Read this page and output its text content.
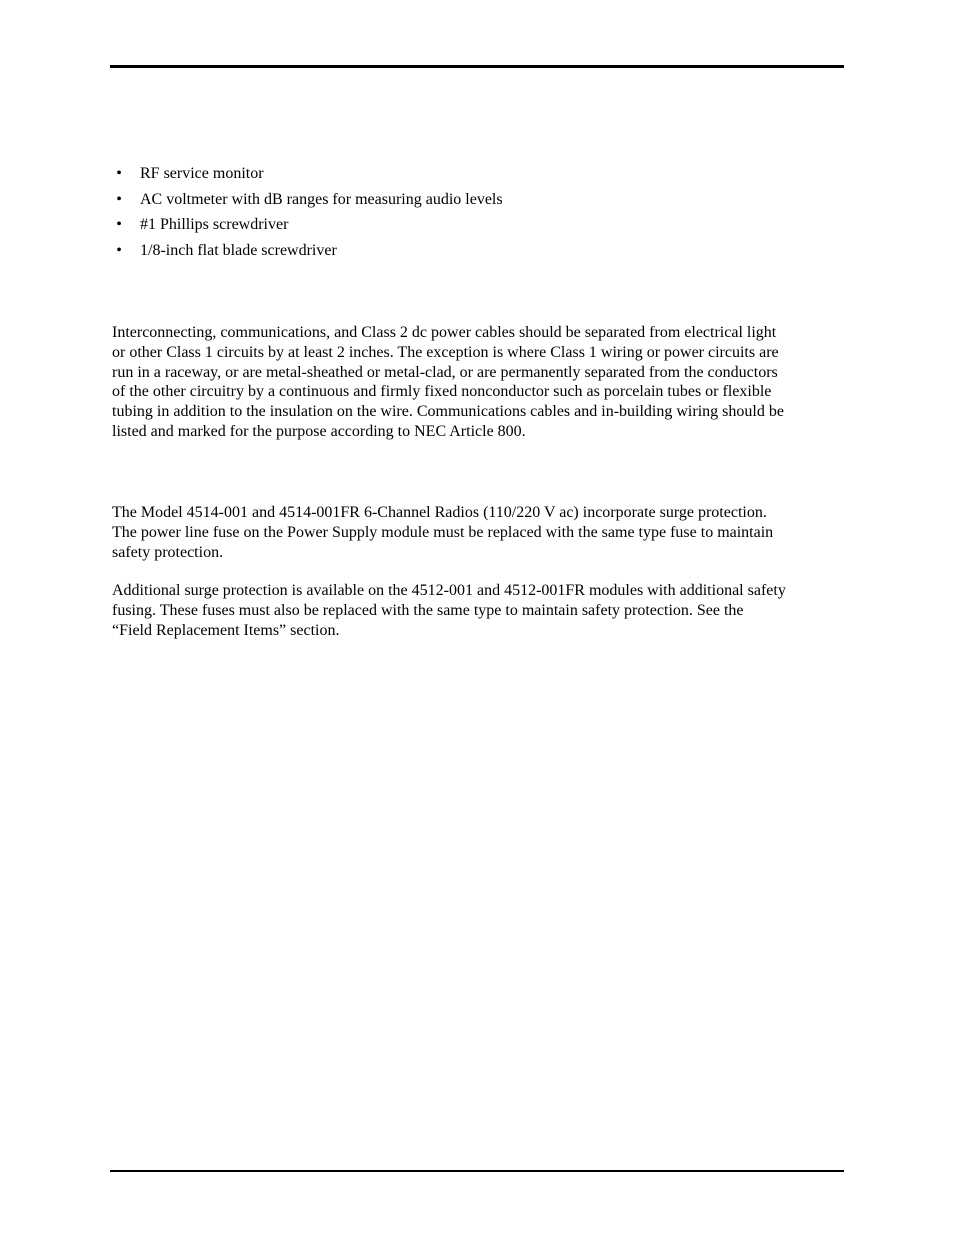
• RF service monitor
• AC voltmeter with dB ranges for measuring audio levels
• #1 Phillips screwdriver
• 1/8-inch flat blade screwdriver

Interconnecting, communications, and Class 2 dc power cables should be separated from electrical light
or other Class 1 circuits by at least 2 inches. The exception is where Class 1 wiring or power circuits are
run in a raceway, or are metal-sheathed or metal-clad, or are permanently separated from the conductors
of the other circuitry by a continuous and firmly fixed nonconductor such as porcelain tubes or flexible
tubing in addition to the insulation on the wire. Communications cables and in-building wiring should be
listed and marked for the purpose according to NEC Article 800.

The Model 4514-001 and 4514-001FR 6-Channel Radios (110/220 V ac) incorporate surge protection.
The power line fuse on the Power Supply module must be replaced with the same type fuse to maintain
safety protection.

Additional surge protection is available on the 4512-001 and 4512-001FR modules with additional safety
fusing. These fuses must also be replaced with the same type to maintain safety protection. See the
“Field Replacement Items” section.
